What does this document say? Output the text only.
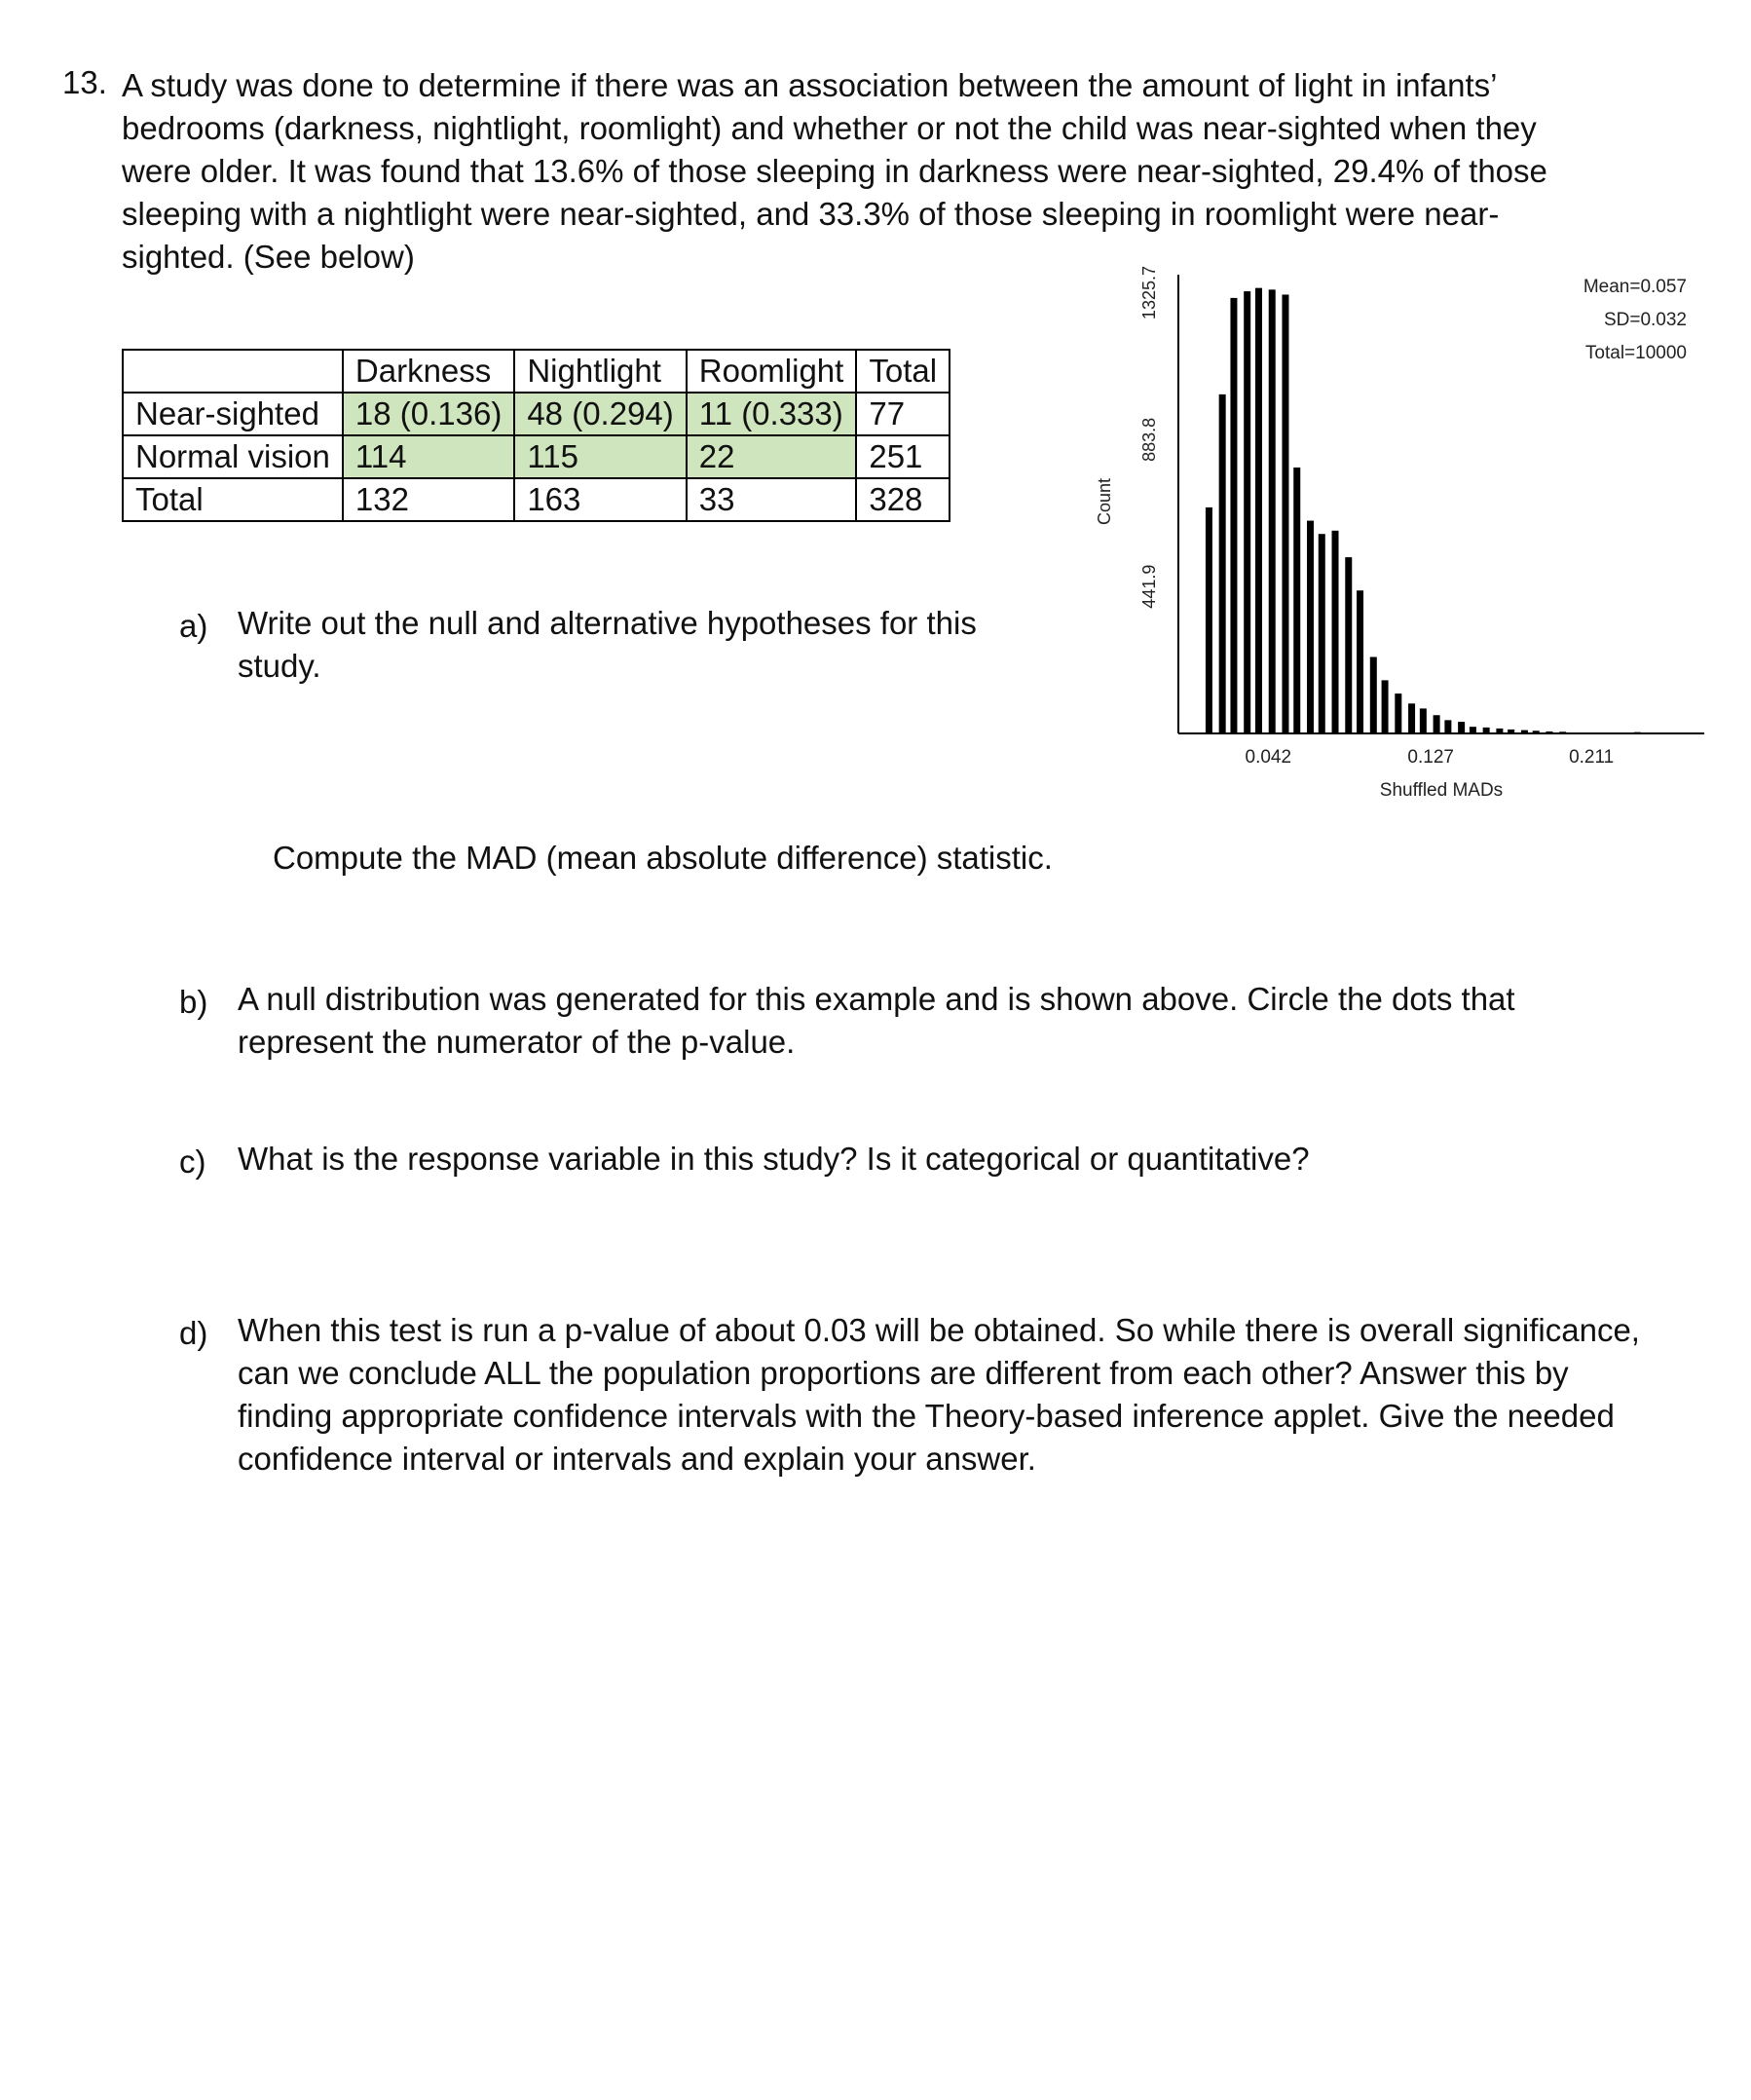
13. A study was done to determine if there was an association between the amount of light in infants’ bedrooms (darkness, nightlight, roomlight) and whether or not the child was near-sighted when they were older. It was found that 13.6% of those sleeping in darkness were near-sighted, 29.4% of those sleeping with a nightlight were near-sighted, and 33.3% of those sleeping in roomlight were near-sighted. (See below)

	Darkness	Nightlight	Roomlight	Total
Near-sighted	18 (0.136)	48 (0.294)	11 (0.333)	77
Normal vision	114	115	22	251
Total	132	163	33	328
441.9
883.8
1325.7
0.042	0.127	0.211
Count
Shuffled MADs
Mean=0.057
SD=0.032
Total=10000
a) Write out the null and alternative hypotheses for this study.

Compute the MAD (mean absolute difference) statistic.
b) A null distribution was generated for this example and is shown above. Circle the dots that represent the numerator of the p-value.

c) What is the response variable in this study? Is it categorical or quantitative?

d) When this test is run a p-value of about 0.03 will be obtained. So while there is overall significance, can we conclude ALL the population proportions are different from each other? Answer this by finding appropriate confidence intervals with the Theory-based inference applet. Give the needed confidence interval or intervals and explain your answer.
